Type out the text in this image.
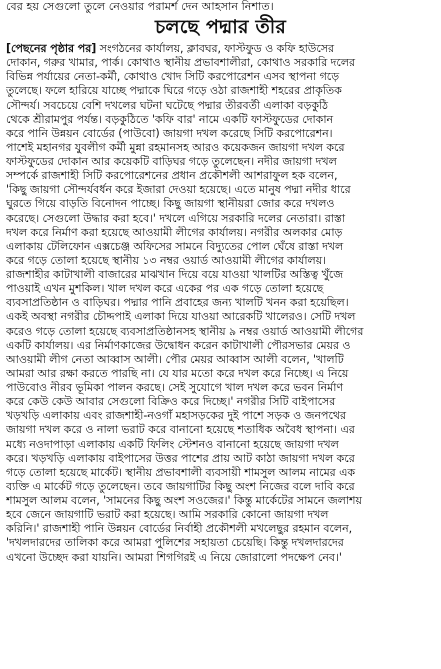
বের হয় সেগুলো তুলে নেওয়ার পরামর্শ দেন আহসান নিশাত।
চলছে পদ্মার তীর
[পেছনের পৃষ্ঠার পর] সংগঠনের কার্যালয়, ক্লাবঘর, ফাস্টফুড ও কফি হাউসের
দোকান, গরুর খামার, পার্ক। কোথাও স্থানীয় প্রভাবশালীরা, কোথাও সরকারি দলের
বিভিন্ন পর্যায়ের নেতা-কর্মী, কোথাও খোদ সিটি করপোরেশন এসব স্থাপনা গড়ে
তুলেছে। ফলে হারিয়ে যাচ্ছে পদ্মাকে ঘিরে গড়ে ওঠা রাজশাহী শহরের প্রাকৃতিক
সৌন্দর্য। সবচেয়ে বেশি দখলের ঘটনা ঘটেছে পদ্মার তীরবর্তী এলাকা বড়কুঠি
থেকে শ্রীরামপুর পর্যন্ত। বড়কুঠিতে 'কফি বার' নামে একটি ফাস্টফুডের দোকান
করে পানি উন্নয়ন বোর্ডের (পাউবো) জায়গা দখল করেছে সিটি করপোরেশন।
পাশেই মহানগর যুবলীগ কর্মী মুন্না রহমানসহ আরও কয়েকজন জায়গা দখল করে
ফাস্টফুডের দোকান আর কয়েকটি বাড়িঘর গড়ে তুলেছেন। নদীর জায়গা দখল
সম্পর্কে রাজশাহী সিটি করপোরেশনের প্রধান প্রকৌশলী আশরাফুল হক বলেন,
'কিছু জায়গা সৌন্দর্যবর্ধন করে ইজারা দেওয়া হয়েছে। এতে মানুষ পদ্মা নদীর ধারে
ঘুরতে গিয়ে বাড়তি বিনোদন পাচ্ছে। কিছু জায়গা স্থানীয়রা জোর করে দখলও
করেছে। সেগুলো উদ্ধার করা হবে।' দখলে এগিয়ে সরকারি দলের নেতারা। রাস্তা
দখল করে নির্মাণ করা হয়েছে আওয়ামী লীগের কার্যালয়। নগরীর অলকার মোড়
এলাকায় টেলিফোন এক্সচেঞ্জ অফিসের সামনে বিদ্যুতের পোল ঘেঁষে রাস্তা দখল
করে গড়ে তোলা হয়েছে স্থানীয় ১৩ নম্বর ওয়ার্ড আওয়ামী লীগের কার্যালয়।
রাজশাহীর কাটাখালী বাজারের মাঝখান দিয়ে বয়ে যাওয়া খালটির অস্তিত্ব খুঁজে
পাওয়াই এখন মুশকিল। খাল দখল করে একের পর এক গড়ে তোলা হয়েছে
ব্যবসাপ্রতিষ্ঠান ও বাড়িঘর। পদ্মার পানি প্রবাহের জন্য খালটি খনন করা হয়েছিল।
একই অবস্থা নগরীর চৌদ্দপাই এলাকা দিয়ে যাওয়া আরেকটি খালেরও। সেটি দখল
করেও গড়ে তোলা হয়েছে ব্যবসাপ্রতিষ্ঠানসহ স্থানীয় ৯ নম্বর ওয়ার্ড আওয়ামী লীগের
একটি কার্যালয়। এর নির্মাণকাজের উদ্বোধন করেন কাটাখালী পৌরসভার মেয়র ও
আওয়ামী লীগ নেতা আব্বাস আলী। পৌর মেয়র আব্বাস আলী বলেন, 'খালটি
আমরা আর রক্ষা করতে পারছি না। যে যার মতো করে দখল করে নিচ্ছে। এ নিয়ে
পাউবোও নীরব ভূমিকা পালন করছে। সেই সুযোগে খাল দখল করে ভবন নির্মাণ
করে কেউ কেউ আবার সেগুলো বিক্রিও করে দিচ্ছে।' নগরীর সিটি বাইপাসের
খড়খড়ি এলাকায় এবং রাজশাহী-নওগাঁ মহাসড়কের দুই পাশে সড়ক ও জনপথের
জায়গা দখল করে ও নালা ভরাট করে বানানো হয়েছে শতাধিক অবৈধ স্থাপনা। এর
মধ্যে নওদাপাড়া এলাকায় একটি ফিলিং স্টেশনও বানানো হয়েছে জায়গা দখল
করে। খড়খড়ি এলাকায় বাইপাসের উত্তর পাশের প্রায় আট কাঠা জায়গা দখল করে
গড়ে তোলা হয়েছে মার্কেট। স্থানীয় প্রভাবশালী ব্যবসায়ী শামসুল আলম নামের এক
ব্যক্তি এ মার্কেট গড়ে তুলেছেন। তবে জায়গাটির কিছু অংশ নিজের বলে দাবি করে
শামসুল আলম বলেন, 'সামনের কিছু অংশ সওজের।' কিন্তু মার্কেটের সামনে জলাশয়
হবে জেনে জায়গাটি ভরাট করা হয়েছে। আমি সরকারি কোনো জায়গা দখল
করিনি।' রাজশাহী পানি উন্নয়ন বোর্ডের নির্বাহী প্রকৌশলী মখলেছুর রহমান বলেন,
'দখলদারদের তালিকা করে আমরা পুলিশের সহায়তা চেয়েছি। কিন্তু দখলদারদের
এখনো উচ্ছেদ করা যায়নি। আমরা শিগগিরই এ নিয়ে জোরালো পদক্ষেপ নেব।'
